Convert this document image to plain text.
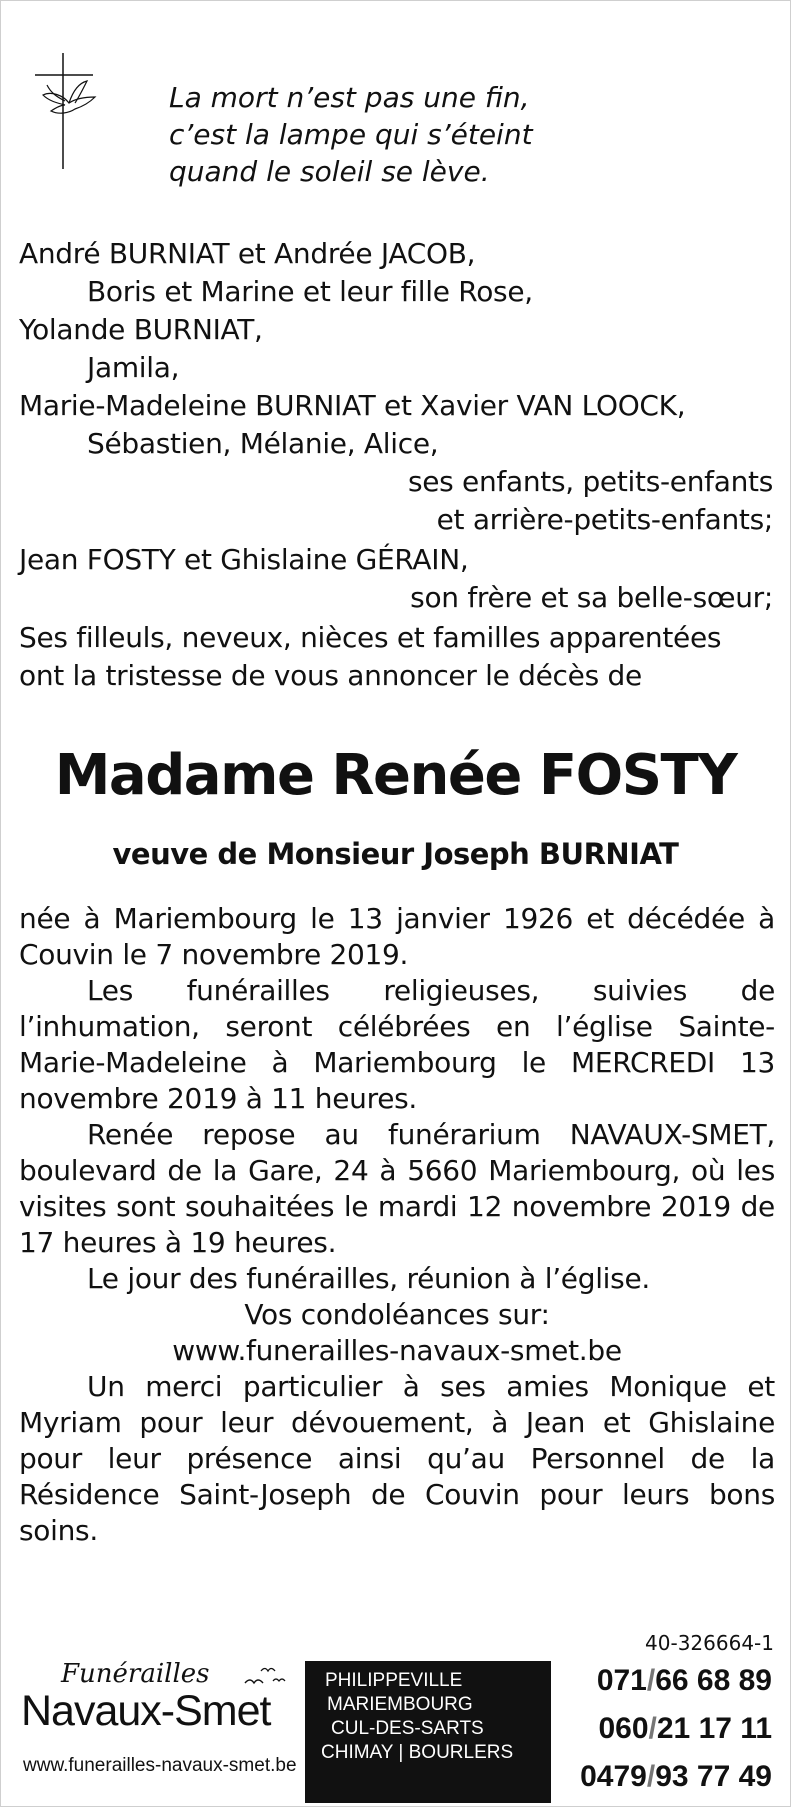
La mort n’est pas une fin,
c’est la lampe qui s’éteint
quand le soleil se lève.
André BURNIAT et Andrée JACOB,
Boris et Marine et leur fille Rose,
Yolande BURNIAT,
Jamila,
Marie-Madeleine BURNIAT et Xavier VAN LOOCK,
Sébastien, Mélanie, Alice,
ses enfants, petits-enfants
et arrière-petits-enfants;
Jean FOSTY et Ghislaine GÉRAIN,
son frère et sa belle-sœur;
Ses filleuls, neveux, nièces et familles apparentées
ont la tristesse de vous annoncer le décès de
Madame Renée FOSTY
veuve de Monsieur Joseph BURNIAT

née à Mariembourg le 13 janvier 1926 et décédée à Couvin le 7 novembre 2019.

Les funérailles religieuses, suivies de l’inhumation, seront célébrées en l’église Sainte-Marie-Madeleine à Mariembourg le MERCREDI 13 novembre 2019 à 11 heures.

Renée repose au funérarium NAVAUX-SMET, boulevard de la Gare, 24 à 5660 Mariembourg, où les visites sont souhaitées le mardi 12 novembre 2019 de 17 heures à 19 heures.

Le jour des funérailles, réunion à l’église.

Vos condoléances sur:

www.funerailles-navaux-smet.be

Un merci particulier à ses amies Monique et Myriam pour leur dévouement, à Jean et Ghislaine pour leur présence ainsi qu’au Personnel de la Résidence Saint-Joseph de Couvin pour leurs bons soins.

40-326664-1
Funérailles
Navaux-Smet
www.funerailles-navaux-smet.be
PHILIPPEVILLE
MARIEMBOURG
CUL-DES-SARTS
CHIMAY | BOURLERS
071/66 68 89
060/21 17 11
0479/93 77 49
